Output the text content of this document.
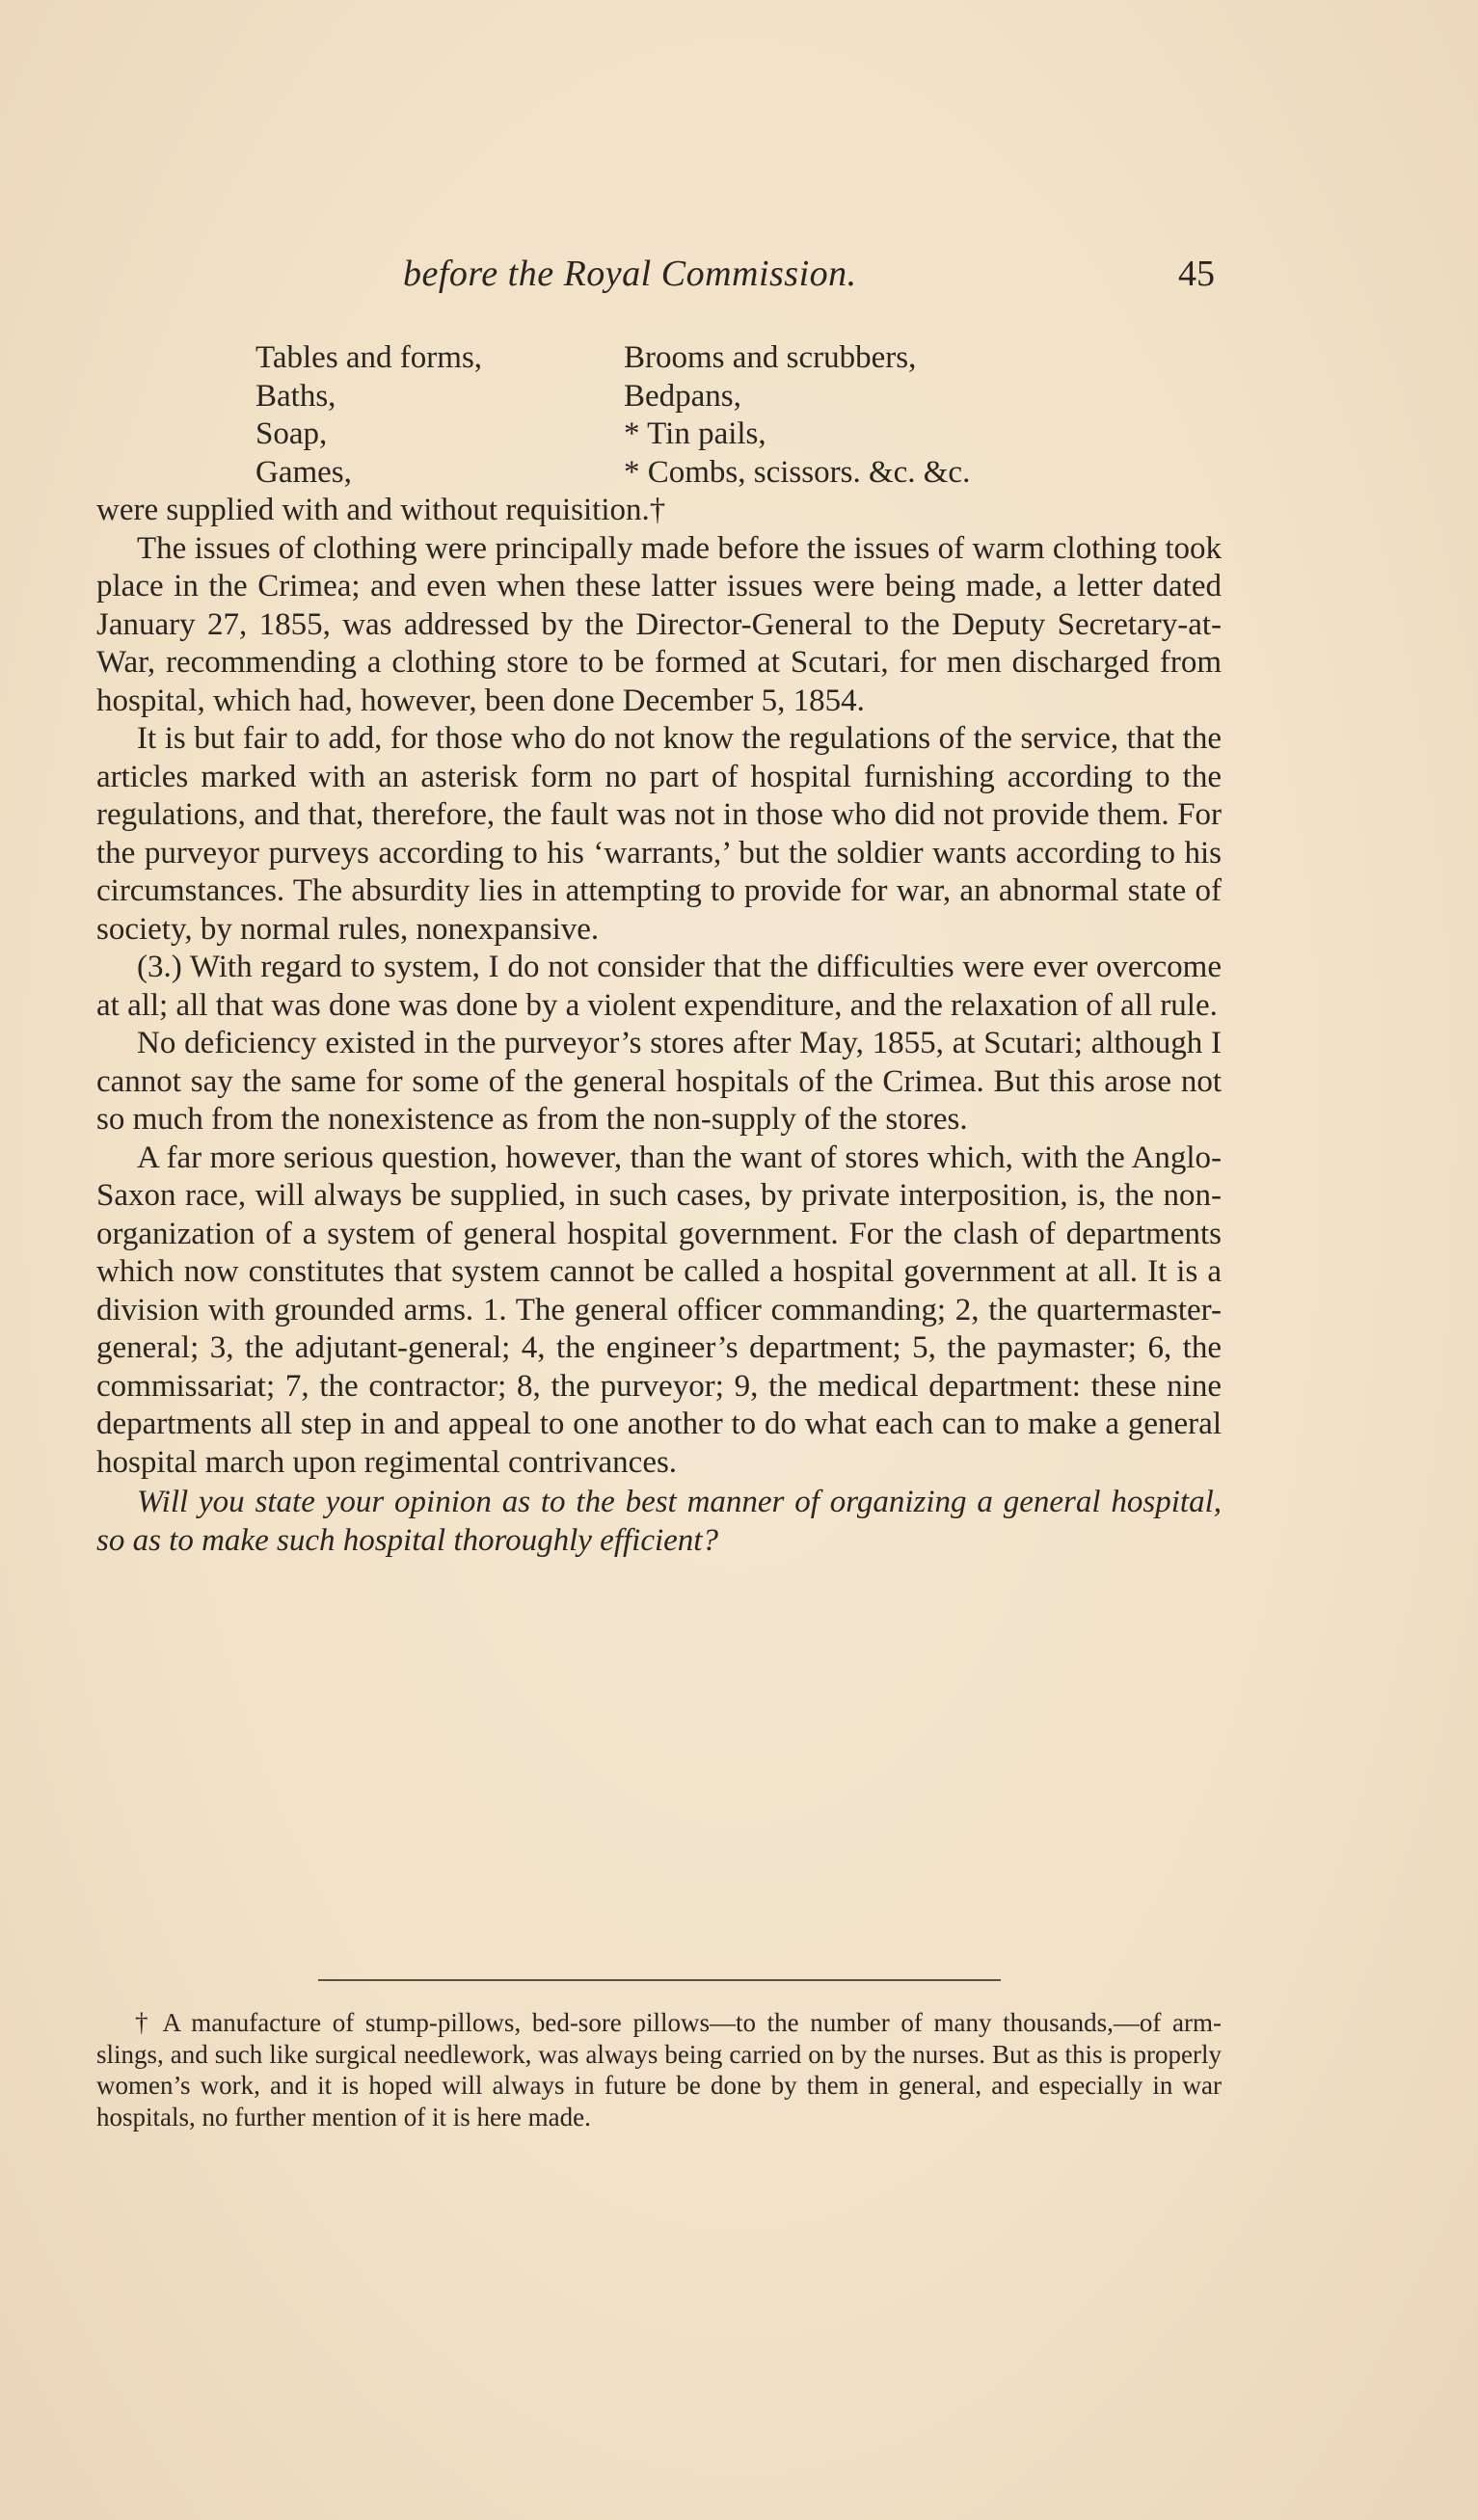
before the Royal Commission.	45
Tables and forms,	Brooms and scrubbers,
Baths,	Bedpans,
Soap,	* Tin pails,
Games,	* Combs, scissors. &c. &c.

were supplied with and without requisition.†

The issues of clothing were principally made before the issues of warm clothing took place in the Crimea; and even when these latter issues were being made, a letter dated January 27, 1855, was addressed by the Director-General to the Deputy Secretary-at-War, recommending a clothing store to be formed at Scutari, for men discharged from hospital, which had, however, been done December 5, 1854.

It is but fair to add, for those who do not know the regulations of the service, that the articles marked with an asterisk form no part of hospital furnishing according to the regulations, and that, therefore, the fault was not in those who did not provide them. For the purveyor purveys according to his ‘warrants,’ but the soldier wants according to his circumstances. The absurdity lies in attempting to provide for war, an abnormal state of society, by normal rules, nonexpansive.

(3.) With regard to system, I do not consider that the difficulties were ever overcome at all; all that was done was done by a violent expenditure, and the relaxation of all rule.

No deficiency existed in the purveyor’s stores after May, 1855, at Scutari; although I cannot say the same for some of the general hospitals of the Crimea. But this arose not so much from the nonexistence as from the non-supply of the stores.

A far more serious question, however, than the want of stores which, with the Anglo-Saxon race, will always be supplied, in such cases, by private interposition, is, the non-organization of a system of general hospital government. For the clash of departments which now constitutes that system cannot be called a hospital government at all. It is a division with grounded arms. 1. The general officer commanding; 2, the quartermaster-general; 3, the adjutant-general; 4, the engineer’s department; 5, the paymaster; 6, the commissariat; 7, the contractor; 8, the purveyor; 9, the medical department: these nine departments all step in and appeal to one another to do what each can to make a general hospital march upon regimental contrivances.

Will you state your opinion as to the best manner of organizing a general hospital, so as to make such hospital thoroughly efficient?

† A manufacture of stump-pillows, bed-sore pillows—to the number of many thousands,—of arm-slings, and such like surgical needlework, was always being carried on by the nurses. But as this is properly women’s work, and it is hoped will always in future be done by them in general, and especially in war hospitals, no further mention of it is here made.
